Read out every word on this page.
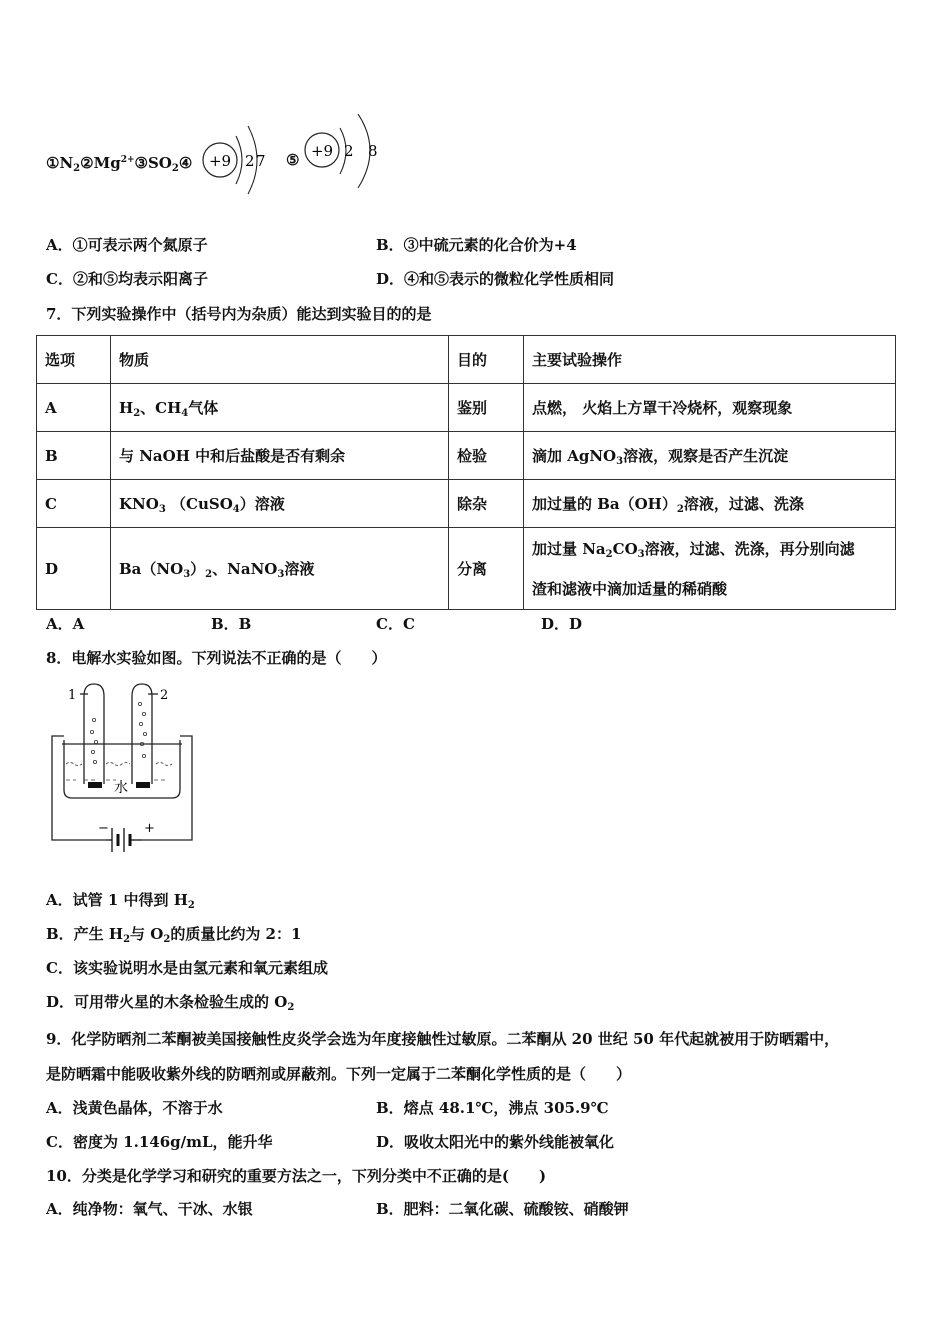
$①N_2②Mg^{2+}③SO_2④ +9$ 2 7 ⑤ +9 2 8
A．①可表示两个氮原子	B．③中硫元素的化合价为+4
C．②和⑤均表示阳离子	D．④和⑤表示的微粒化学性质相同
7．下列实验操作中（括号内为杂质）能达到实验目的的是
选项	物质	目的	主要试验操作
A	$H_2$、$CH_4$气体	鉴别	点燃， 火焰上方罩干冷烧杯，观察现象
B	与 NaOH 中和后盐酸是否有剩余	检验	滴加 AgNO$_3$溶液，观察是否产生沉淀
C	$KNO_3$ （CuSO$_4$）溶液	除杂	加过量的 $Ba(OH)_2$溶液，过滤、洗涤
D	$Ba(NO_3)_2$、NaNO$_3$溶液	分离	加过量 $Na_2CO_3$溶液，过滤、洗涤，再分别向滤
渣和滤液中滴加适量的稀硝酸
A．A	B．B	C．C	D．D
8．电解水实验如图。下列说法不正确的是（　　）
水
1	2
−	+
A．试管 1 中得到 $H_2$
B．产生 $H_2$与 $O_2$的质量比约为 2：1
C．该实验说明水是由氢元素和氧元素组成
D．可用带火星的木条检验生成的 $O_2$
9．化学防晒剂二苯酮被美国接触性皮炎学会选为年度接触性过敏原。二苯酮从 20 世纪 50 年代起就被用于防晒霜中，
是防晒霜中能吸收紫外线的防晒剂或屏蔽剂。下列一定属于二苯酮化学性质的是（　　）
A．浅黄色晶体，不溶于水	B．熔点 48.1℃，沸点 305.9℃
C．密度为 1.146g/mL，能升华	D．吸收太阳光中的紫外线能被氧化
10．分类是化学学习和研究的重要方法之一，下列分类中不正确的是(　　)
A．纯净物：氧气、干冰、水银	B．肥料：二氧化碳、硫酸铵、硝酸钾
